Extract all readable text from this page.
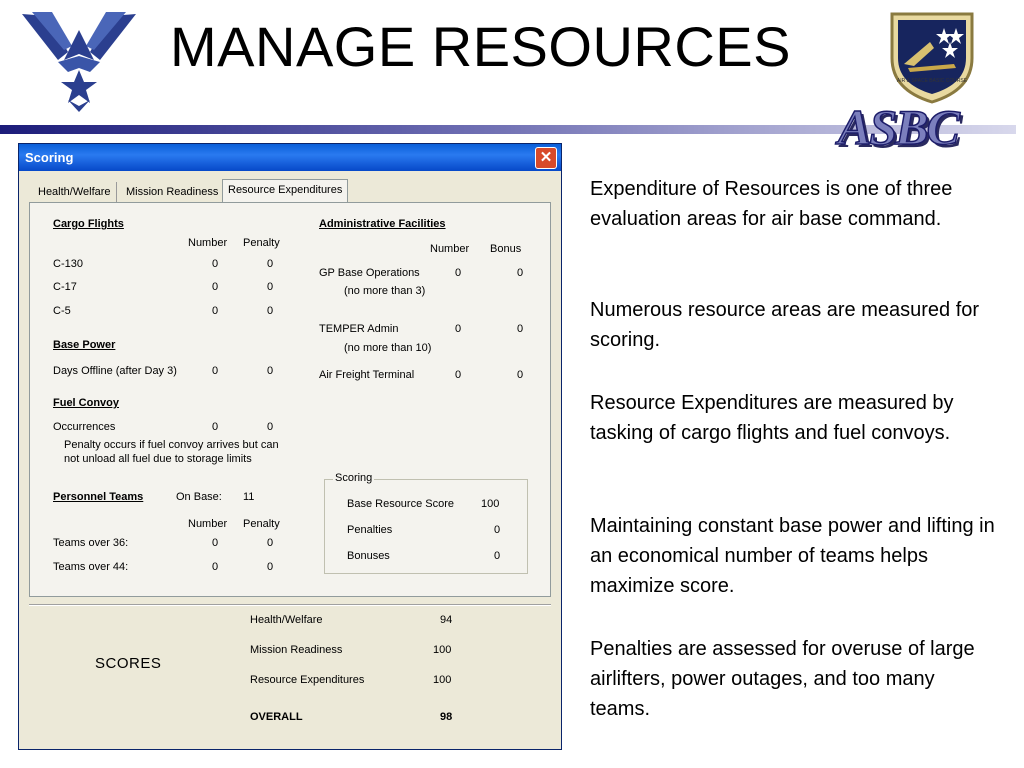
MANAGE RESOURCES
AIR & SPACE BASIC COURSE
ASBC
Scoring	✕
Health/Welfare	Mission Readiness Resource Expenditures
Cargo Flights
Number Penalty
C-130	0	0
C-17	0	0
C-5	0	0
Base Power
Days Offline (after Day 3)	0	0
Fuel Convoy
Occurrences	0	0
Penalty occurs if fuel convoy arrives but can
not unload all fuel due to storage limits
Personnel Teams	On Base: 11
Number Penalty
Teams over 36:	0	0
Teams over 44:	0	0
Administrative Facilities
Number Bonus
GP Base Operations	0	0
(no more than 3)
TEMPER Admin	0	0
(no more than 10)
Air Freight Terminal	0	0
Scoring
Base Resource Score 100
Penalties	0
Bonuses	0
SCORES
Health/Welfare	94
Mission Readiness	100
Resource Expenditures	100
OVERALL	98
Expenditure of Resources is one of three evaluation areas for air base command.
Numerous resource areas are measured for scoring.
Resource Expenditures are measured by tasking of cargo flights and fuel convoys.
Maintaining constant base power and lifting in an economical number of teams helps maximize score.
Penalties are assessed for overuse of large airlifters, power outages, and too many teams.
